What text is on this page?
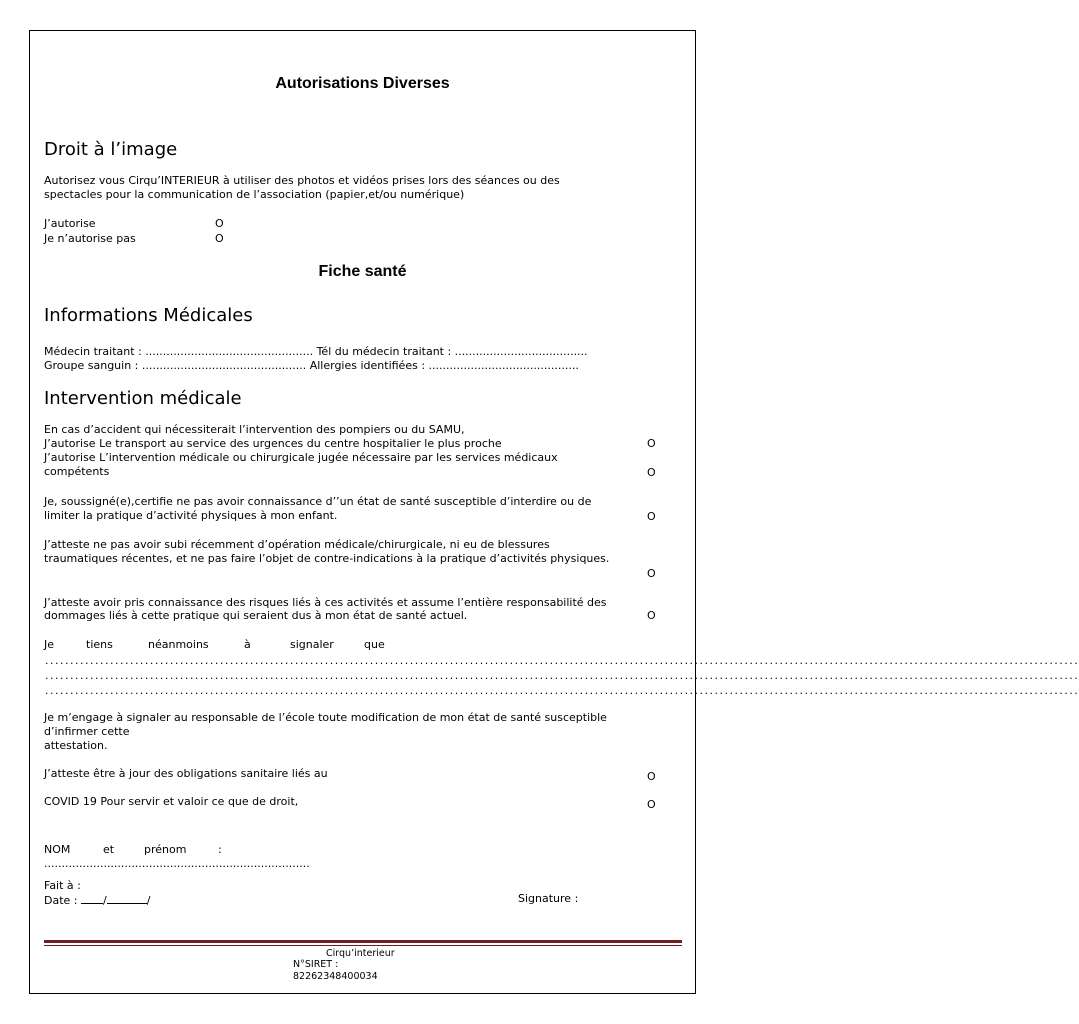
Autorisations Diverses
Droit à l’image
Autorisez vous Cirqu’INTERIEUR à utiliser des photos et vidéos prises lors des séances ou des
spectacles pour la communication de l’association (papier,et/ou numérique)
J’autorise	O
Je n’autorise pas	O
Fiche santé
Informations Médicales
Médecin traitant : ................................................ Tél du médecin traitant : ......................................
Groupe sanguin : ............................................... Allergies identifiées : ...........................................
Intervention médicale
En cas d’accident qui nécessiterait l’intervention des pompiers ou du SAMU,
J’autorise Le transport au service des urgences du centre hospitalier le plus proche	O
J’autorise L’intervention médicale ou chirurgicale jugée nécessaire par les services médicaux
compétents	O
Je, soussigné(e),certifie ne pas avoir connaissance d’’un état de santé susceptible d’interdire ou de
limiter la pratique d’activité physiques à mon enfant.	O
J’atteste ne pas avoir subi récemment d’opération médicale/chirurgicale, ni eu de blessures
traumatiques récentes, et ne pas faire l’objet de contre-indications à la pratique d’activités physiques.
O
J’atteste avoir pris connaissance des risques liés à ces activités et assume l’entière responsabilité des
dommages liés à cette pratique qui seraient dus à mon état de santé actuel.	O
Je	tiens	néanmoins	à	signaler	que
...............................................................................................................................................................................................................
...............................................................................................................................................................................................................
...............................................................................................................................................................................................................
Je m’engage à signaler au responsable de l’école toute modification de mon état de santé susceptible
d’infirmer cette
attestation.
J’atteste être à jour des obligations sanitaire liés au	O
COVID 19 Pour servir et valoir ce que de droit,	O
NOM	et	prénom	:
............................................................................
Fait à :
Date : /	/	Signature :
Cirqu’interieur
N°SIRET :
82262348400034
